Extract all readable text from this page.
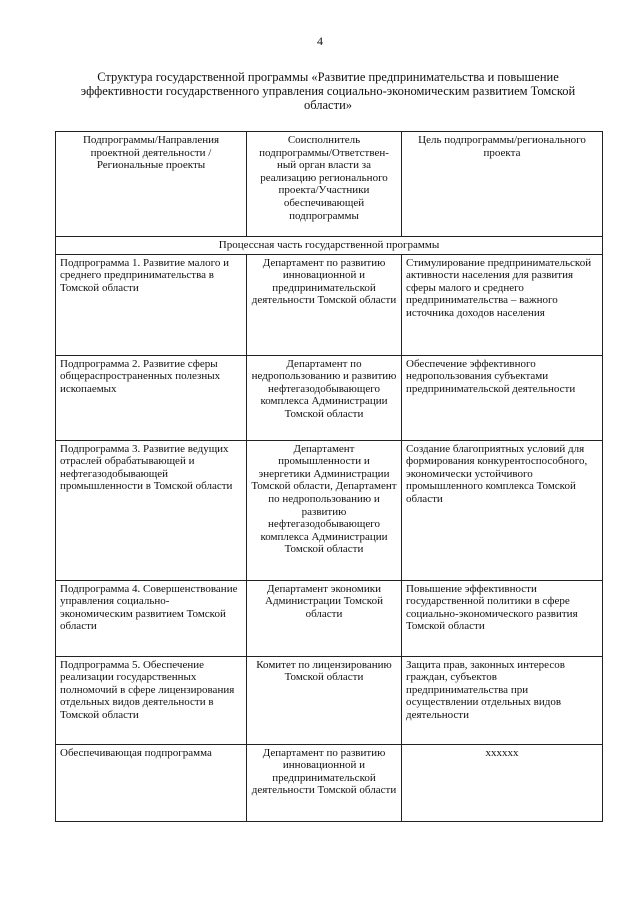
4
Структура государственной программы «Развитие предпринимательства и повышение эффективности государственного управления социально-экономическим развитием Томской области»
Подпрограммы/Направления проектной деятельности /Региональные проекты	Соисполнитель подпрограммы/Ответствен-ный орган власти за реализацию регионального проекта/Участники обеспечивающей подпрограммы	Цель подпрограммы/регионального проекта
Процессная часть государственной программы		
Подпрограмма 1. Развитие малого и среднего предпринимательства в Томской области	Департамент по развитию инновационной и предпринимательской деятельности Томской области	Стимулирование предпринимательской активности населения для развития сферы малого и среднего предпринимательства – важного источника доходов населения
Подпрограмма 2. Развитие сферы общераспространенных полезных ископаемых	Департамент по недропользованию и развитию нефтегазодобывающего комплекса Администрации Томской области	Обеспечение эффективного недропользования субъектами предпринимательской деятельности
Подпрограмма 3. Развитие ведущих отраслей обрабатывающей и нефтегазодобывающей промышленности в Томской области	Департамент промышленности и энергетики Администрации Томской области, Департамент по недропользованию и развитию нефтегазодобывающего комплекса Администрации Томской области	Создание благоприятных условий для формирования конкурентоспособного, экономически устойчивого промышленного комплекса Томской области
Подпрограмма 4. Совершенствование управления социально-экономическим развитием Томской области	Департамент экономики Администрации Томской области	Повышение эффективности государственной политики в сфере социально-экономического развития Томской области
Подпрограмма 5. Обеспечение реализации государственных полномочий в сфере лицензирования отдельных видов деятельности в Томской области	Комитет по лицензированию Томской области	Защита прав, законных интересов граждан, субъектов предпринимательства при осуществлении отдельных видов деятельности
Обеспечивающая подпрограмма	Департамент по развитию инновационной и предпринимательской деятельности Томской области	xxxxxx
